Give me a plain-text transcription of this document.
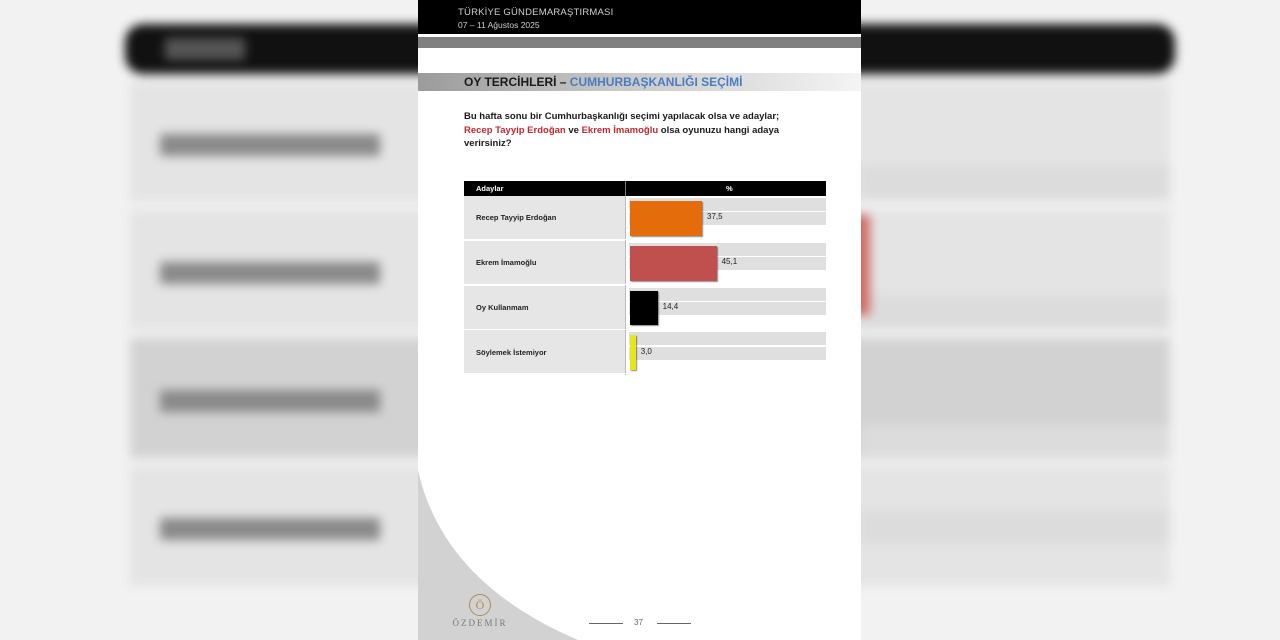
TÜRKİYE GÜNDEMARAŞTIRMASI
07 – 11 Ağustos 2025
OY TERCİHLERİ – CUMHURBAŞKANLIĞI SEÇİMİ
Bu hafta sonu bir Cumhurbaşkanlığı seçimi yapılacak olsa ve adaylar;
Recep Tayyip Erdoğan ve Ekrem İmamoğlu olsa oyunuzu hangi adaya
verirsiniz?
Adaylar	%
Recep Tayyip Erdoğan	37,5
Ekrem İmamoğlu	45,1
Oy Kullanmam	14,4
Söylemek İstemiyor	3,0
Ö
ÖZDEMİR	37
